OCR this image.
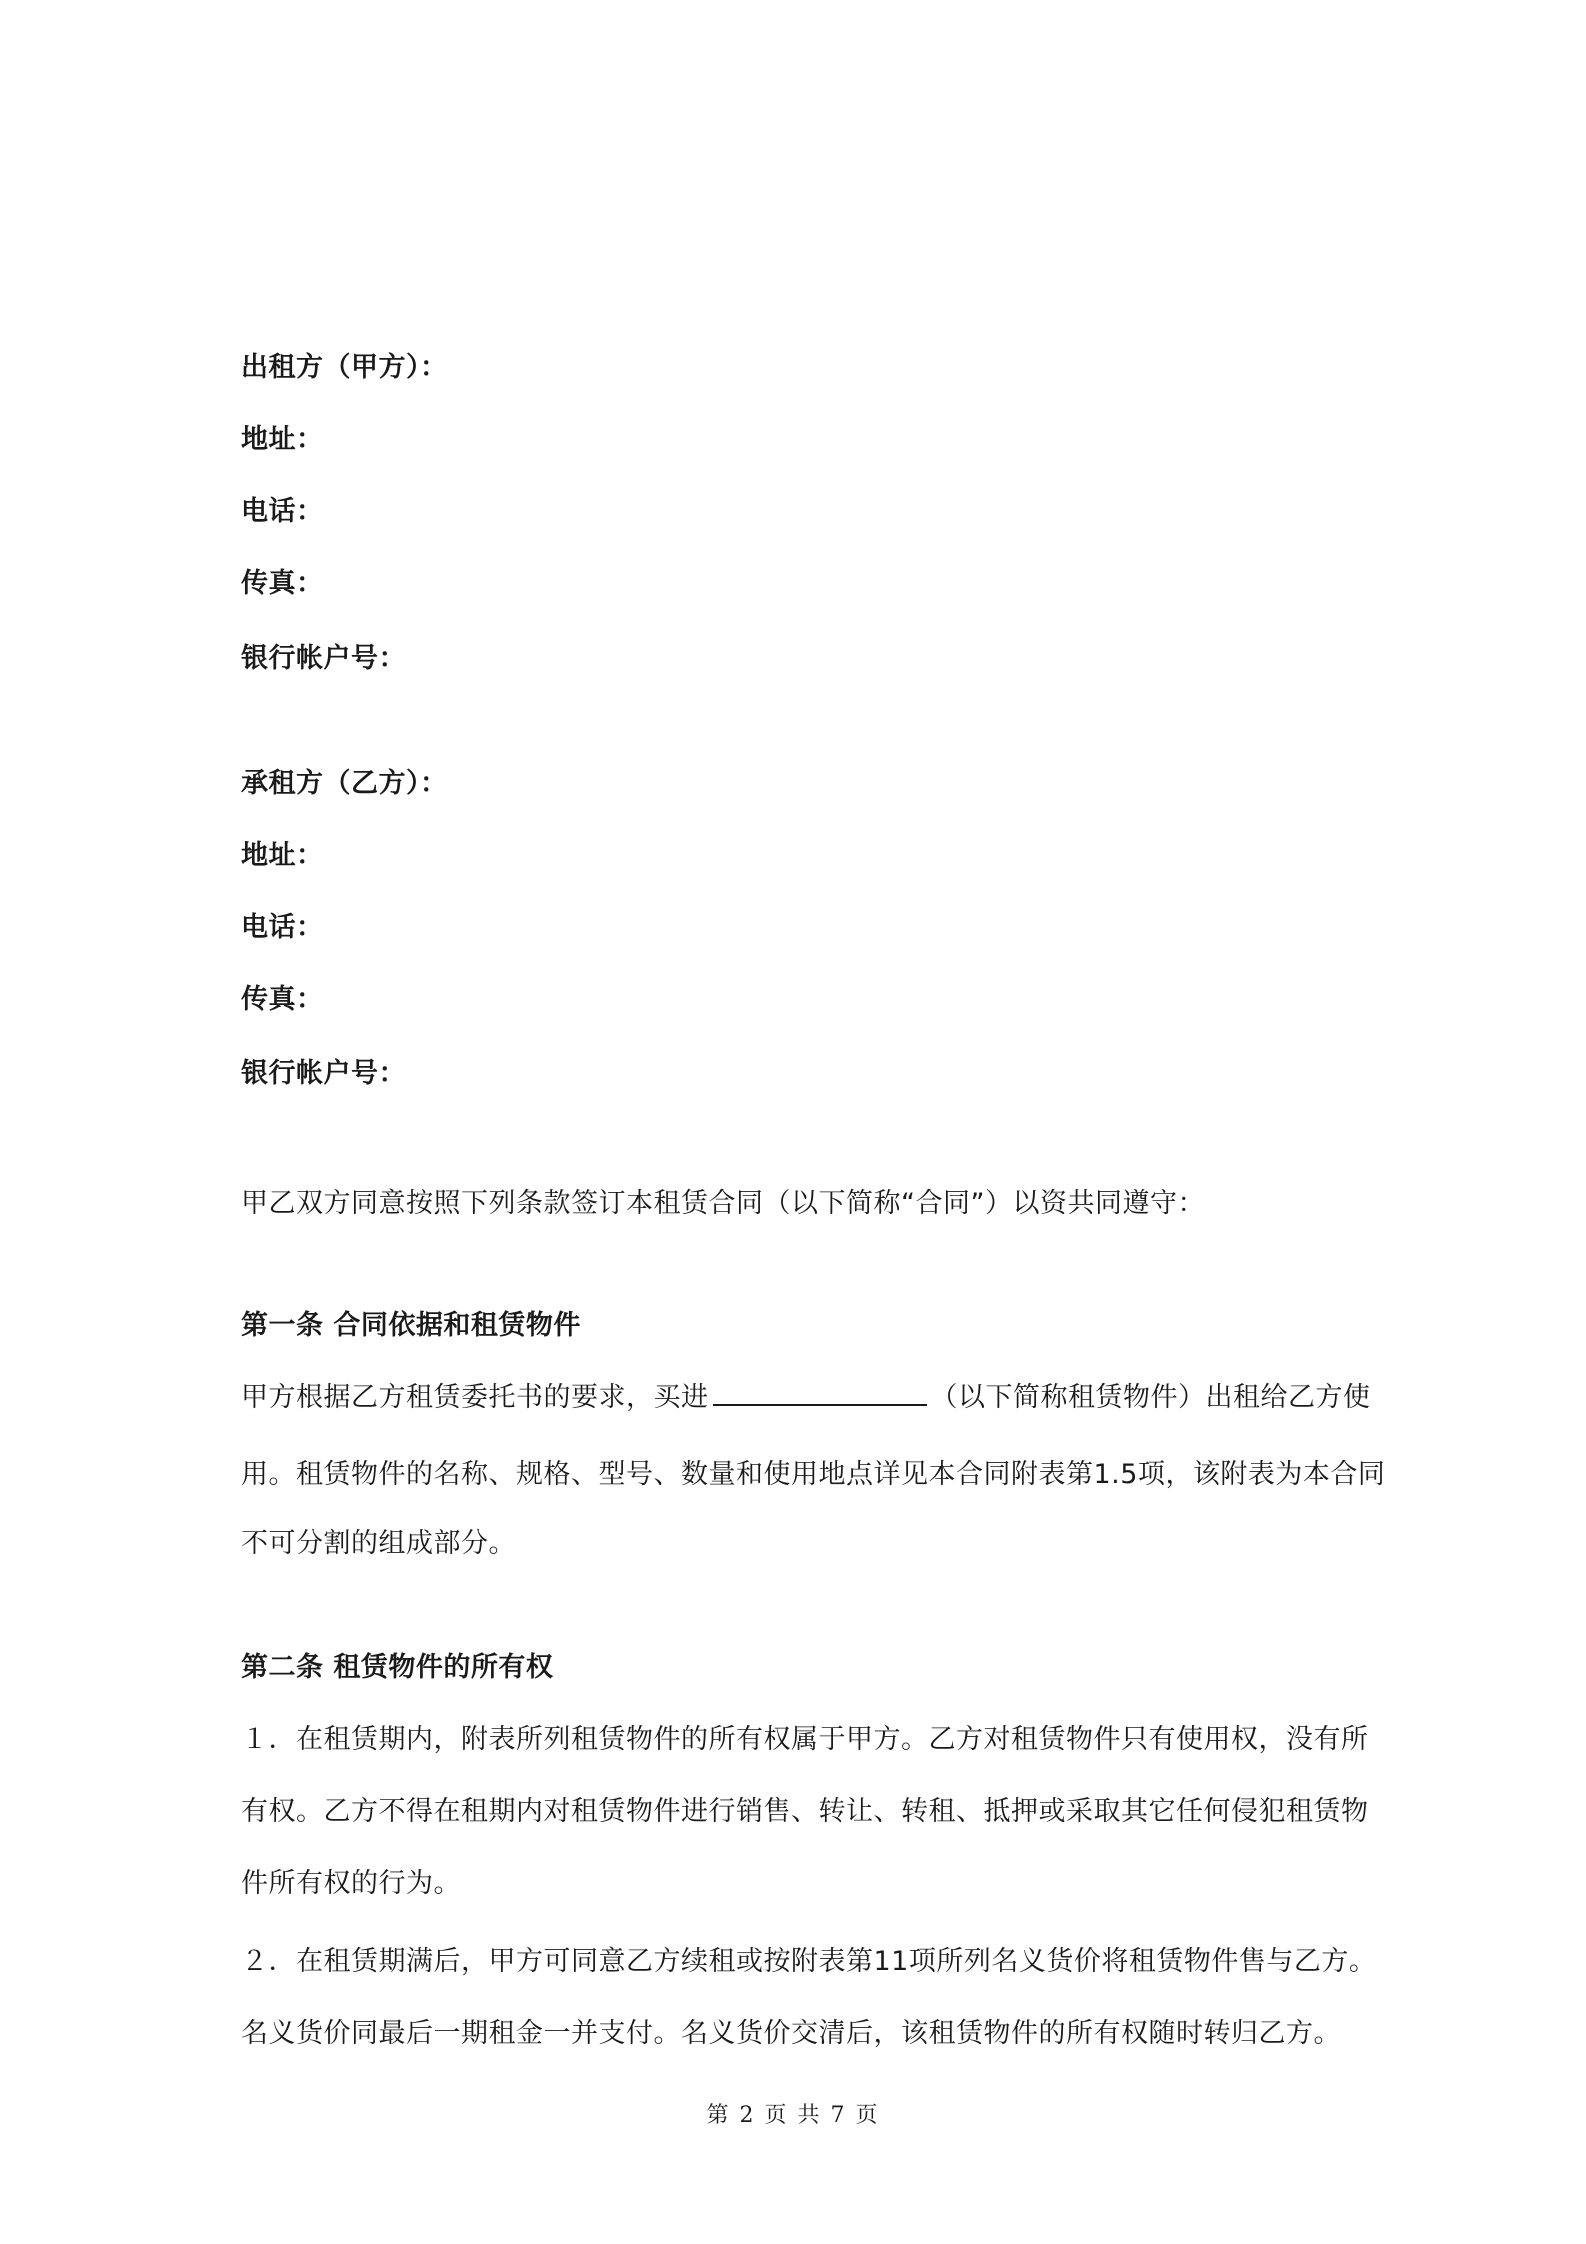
出租方（甲方）：
地址：
电话：
传真：
银行帐户号：
承租方（乙方）：
地址：
电话：
传真：
银行帐户号：
甲乙双方同意按照下列条款签订本租赁合同（以下简称“合同”）以资共同遵守：
第一条 合同依据和租赁物件
甲方根据乙方租赁委托书的要求，买进	（以下简称租赁物件）出租给乙方使
用。租赁物件的名称、规格、型号、数量和使用地点详见本合同附表第1.5项，该附表为本合同
不可分割的组成部分。
第二条 租赁物件的所有权
１．在租赁期内，附表所列租赁物件的所有权属于甲方。乙方对租赁物件只有使用权，没有所
有权。乙方不得在租期内对租赁物件进行销售、转让、转租、抵押或采取其它任何侵犯租赁物
件所有权的行为。
２．在租赁期满后，甲方可同意乙方续租或按附表第11项所列名义货价将租赁物件售与乙方。
名义货价同最后一期租金一并支付。名义货价交清后，该租赁物件的所有权随时转归乙方。
第 2 页 共 7 页
